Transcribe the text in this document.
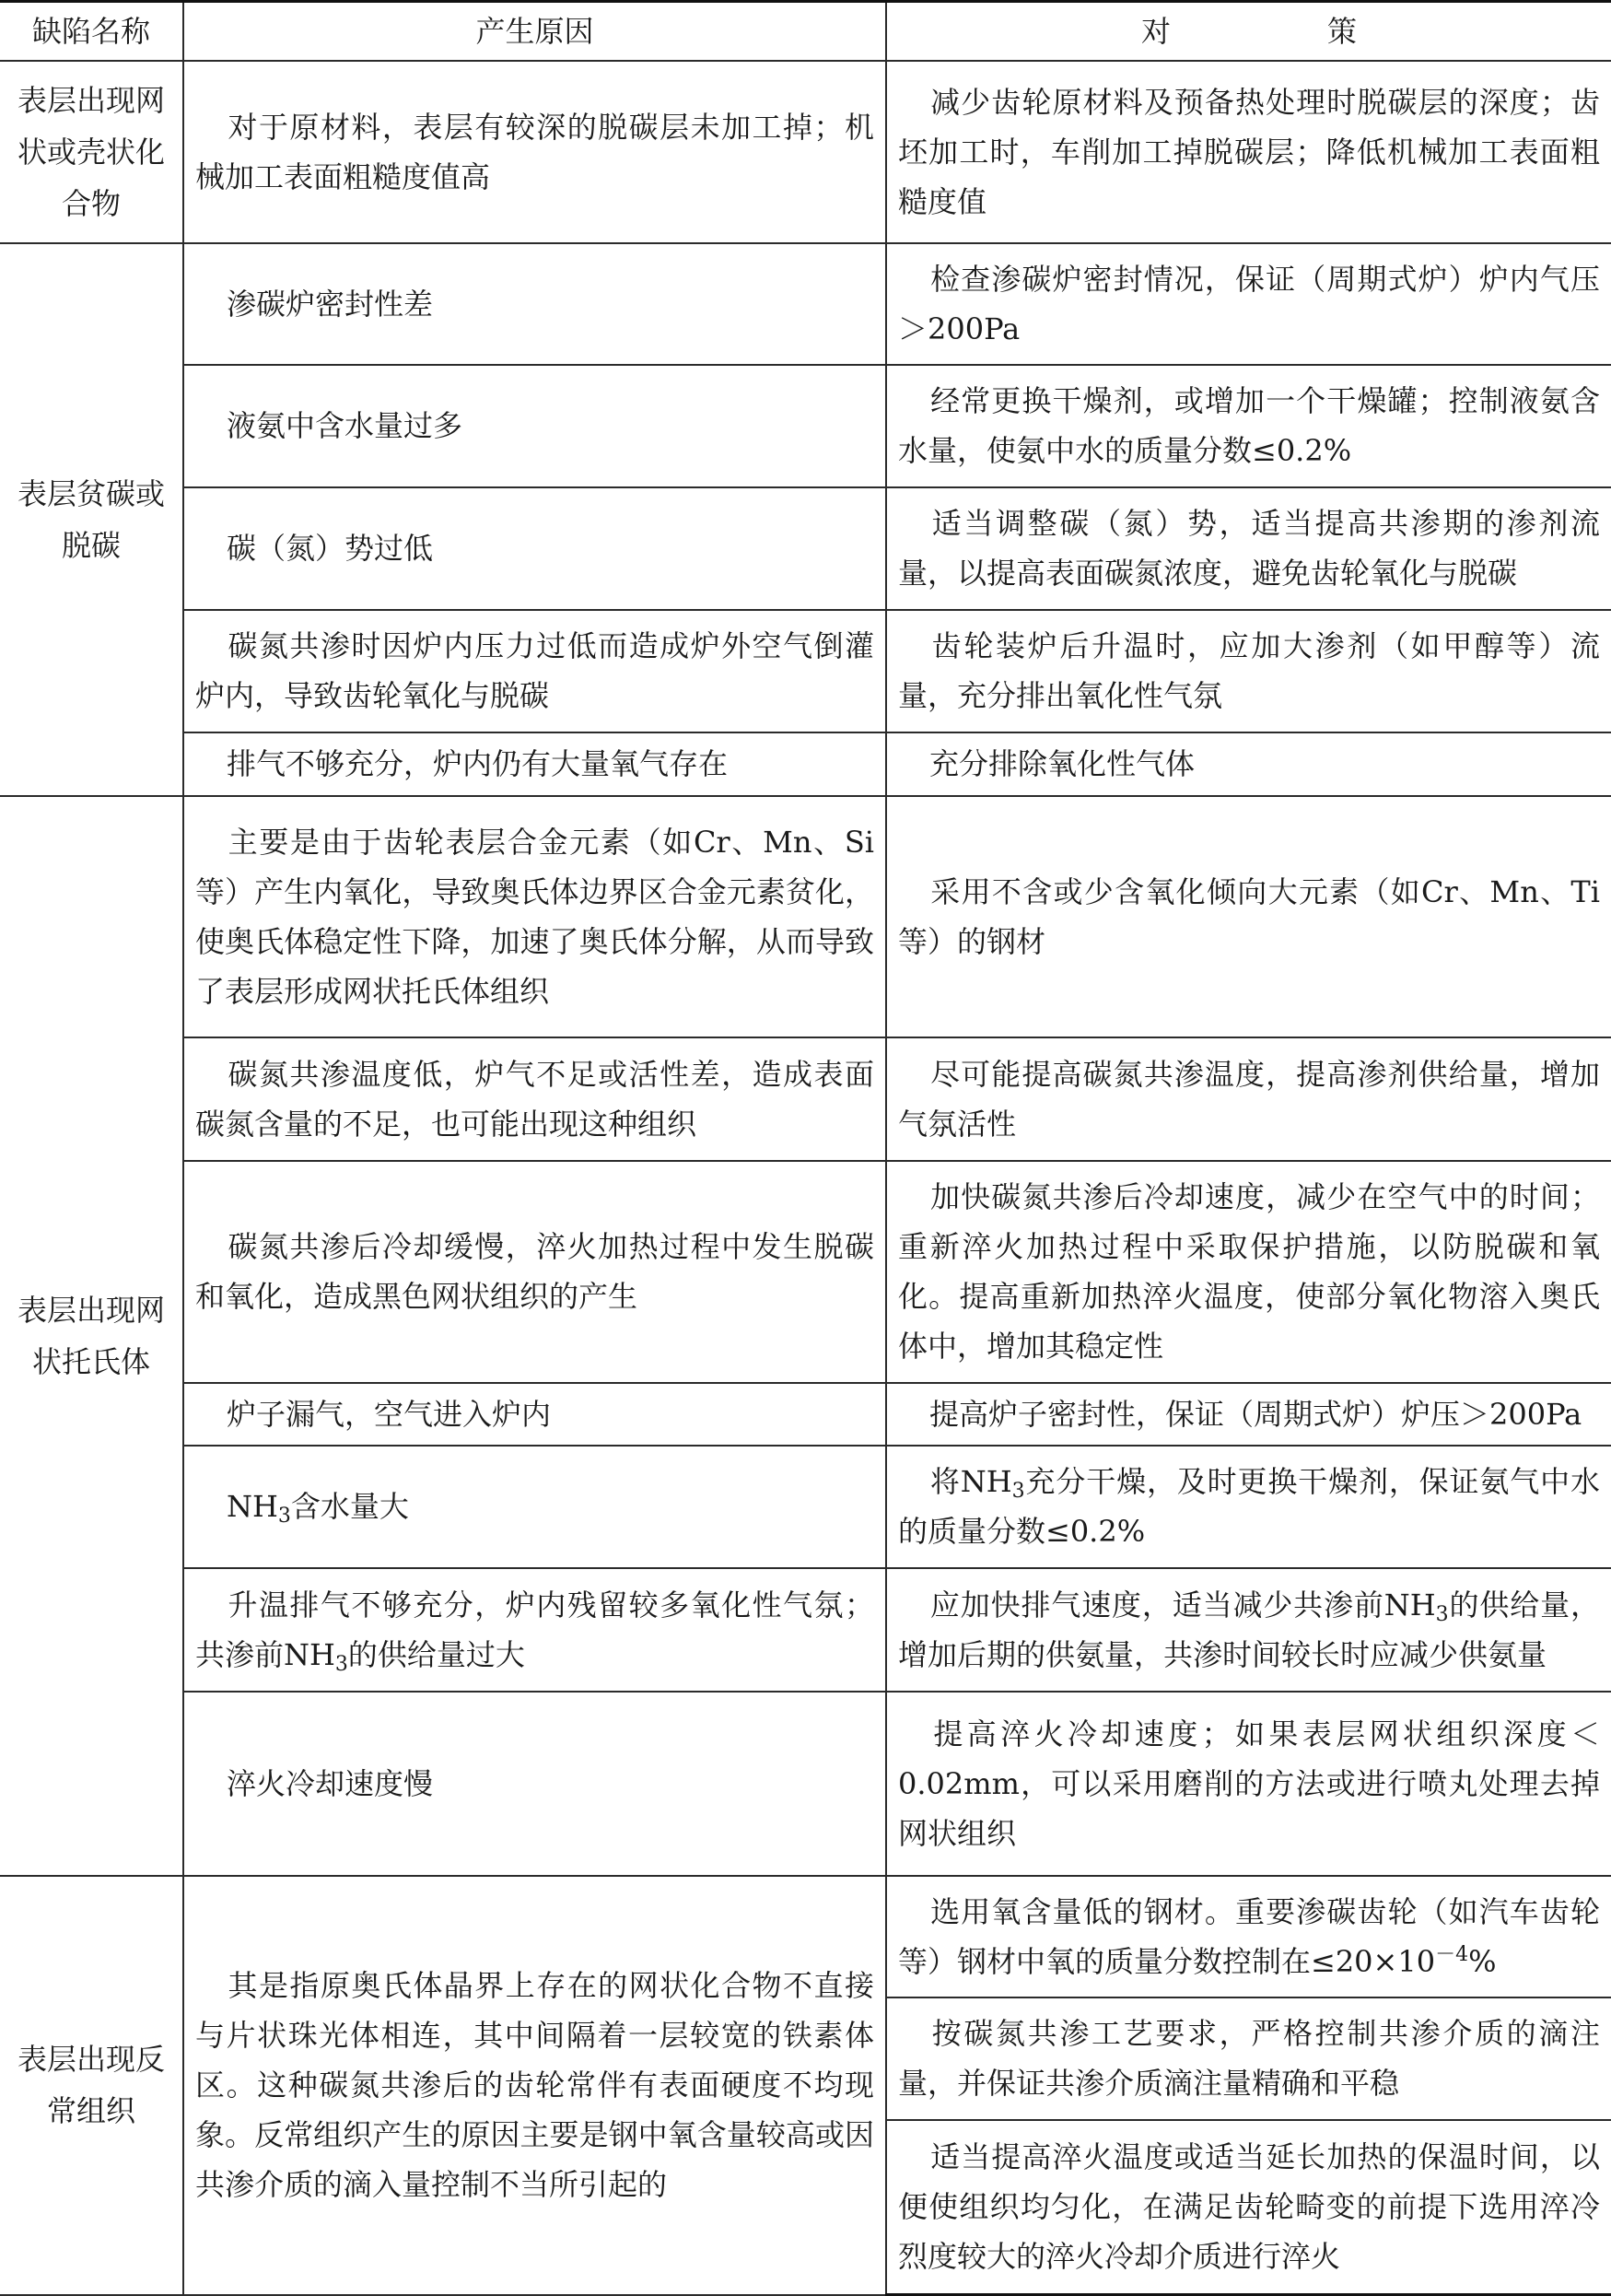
缺陷名称	产生原因	对 策
表层出现网状或壳状化合物	对于原材料，表层有较深的脱碳层未加工掉；机械加工表面粗糙度值高	减少齿轮原材料及预备热处理时脱碳层的深度；齿坯加工时，车削加工掉脱碳层；降低机械加工表面粗糙度值
表层贫碳或脱碳	渗碳炉密封性差	检查渗碳炉密封情况，保证（周期式炉）炉内气压＞200Pa
	液氨中含水量过多	经常更换干燥剂，或增加一个干燥罐；控制液氨含水量，使氨中水的质量分数≤0.2%
	碳（氮）势过低	适当调整碳（氮）势，适当提高共渗期的渗剂流量，以提高表面碳氮浓度，避免齿轮氧化与脱碳
	碳氮共渗时因炉内压力过低而造成炉外空气倒灌炉内，导致齿轮氧化与脱碳	齿轮装炉后升温时，应加大渗剂（如甲醇等）流量，充分排出氧化性气氛
	排气不够充分，炉内仍有大量氧气存在	充分排除氧化性气体
表层出现网状托氏体	主要是由于齿轮表层合金元素（如Cr、Mn、Si等）产生内氧化，导致奥氏体边界区合金元素贫化，使奥氏体稳定性下降，加速了奥氏体分解，从而导致了表层形成网状托氏体组织	采用不含或少含氧化倾向大元素（如Cr、Mn、Ti等）的钢材
	碳氮共渗温度低，炉气不足或活性差，造成表面碳氮含量的不足，也可能出现这种组织	尽可能提高碳氮共渗温度，提高渗剂供给量，增加气氛活性
	碳氮共渗后冷却缓慢，淬火加热过程中发生脱碳和氧化，造成黑色网状组织的产生	加快碳氮共渗后冷却速度，减少在空气中的时间；重新淬火加热过程中采取保护措施，以防脱碳和氧化。提高重新加热淬火温度，使部分氧化物溶入奥氏体中，增加其稳定性
	炉子漏气，空气进入炉内	提高炉子密封性，保证（周期式炉）炉压＞200Pa
	$NH_3$含水量大	将$NH_3$充分干燥，及时更换干燥剂，保证氨气中水的质量分数≤0.2%
	升温排气不够充分，炉内残留较多氧化性气氛；共渗前$NH_3$的供给量过大	应加快排气速度，适当减少共渗前$NH_3$的供给量，增加后期的供氨量，共渗时间较长时应减少供氨量
	淬火冷却速度慢	提高淬火冷却速度；如果表层网状组织深度＜0.02mm，可以采用磨削的方法或进行喷丸处理去掉网状组织
表层出现反常组织	其是指原奥氏体晶界上存在的网状化合物不直接与片状珠光体相连，其中间隔着一层较宽的铁素体区。这种碳氮共渗后的齿轮常伴有表面硬度不均现象。反常组织产生的原因主要是钢中氧含量较高或因共渗介质的滴入量控制不当所引起的	选用氧含量低的钢材。重要渗碳齿轮（如汽车齿轮等）钢材中氧的质量分数控制在$\le 20\times 10^{-4}\%$
		按碳氮共渗工艺要求，严格控制共渗介质的滴注量，并保证共渗介质滴注量精确和平稳
		适当提高淬火温度或适当延长加热的保温时间，以便使组织均匀化，在满足齿轮畸变的前提下选用淬冷烈度较大的淬火冷却介质进行淬火
